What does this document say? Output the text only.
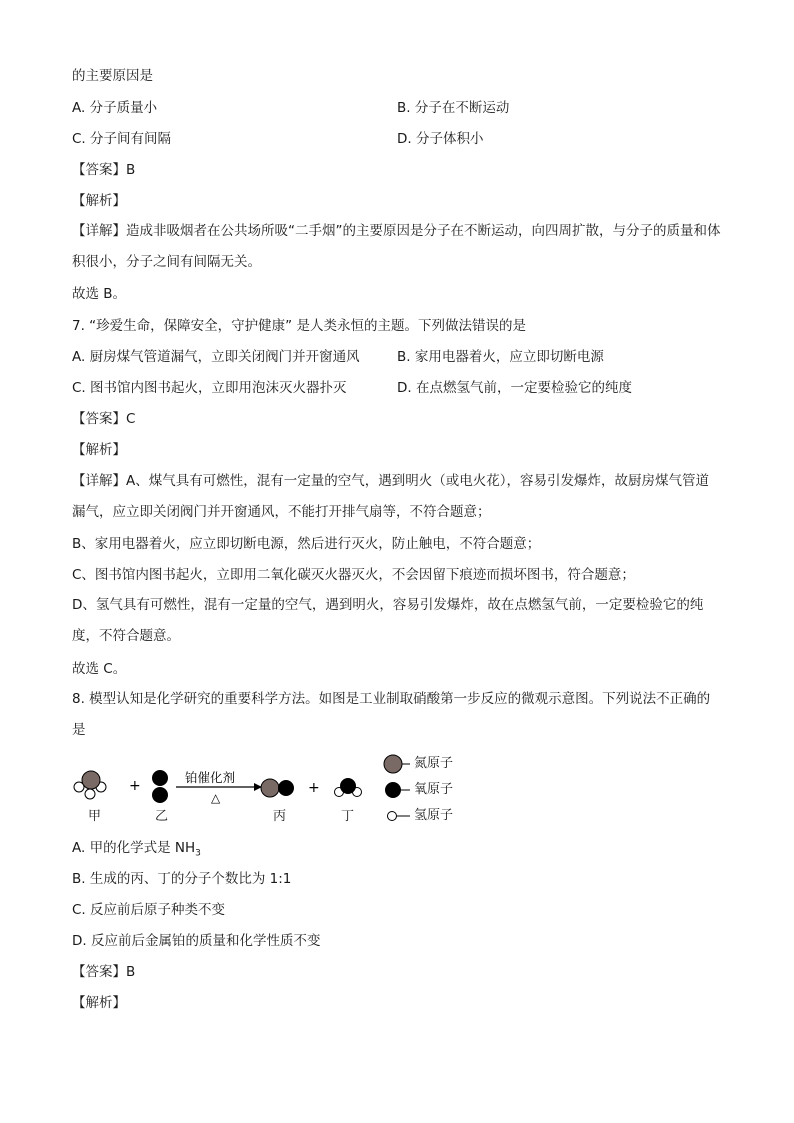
的主要原因是
A. 分子质量小	B. 分子在不断运动
C. 分子间有间隔	D. 分子体积小
【答案】B
【解析】
【详解】造成非吸烟者在公共场所吸“二手烟”的主要原因是分子在不断运动，向四周扩散，与分子的质量和体积很小，分子之间有间隔无关。
故选 B。
7. “珍爱生命，保障安全，守护健康” 是人类永恒的主题。下列做法错误的是
A. 厨房煤气管道漏气，立即关闭阀门并开窗通风	B. 家用电器着火，应立即切断电源
C. 图书馆内图书起火，立即用泡沫灭火器扑灭	D. 在点燃氢气前，一定要检验它的纯度
【答案】C
【解析】
【详解】A、煤气具有可燃性，混有一定量的空气，遇到明火（或电火花），容易引发爆炸，故厨房煤气管道漏气，应立即关闭阀门并开窗通风，不能打开排气扇等，不符合题意；
B、家用电器着火，应立即切断电源，然后进行灭火，防止触电，不符合题意；
C、图书馆内图书起火，立即用二氧化碳灭火器灭火，不会因留下痕迹而损坏图书，符合题意；
D、氢气具有可燃性，混有一定量的空气，遇到明火，容易引发爆炸，故在点燃氢气前，一定要检验它的纯度，不符合题意。
故选 C。
8. 模型认知是化学研究的重要科学方法。如图是工业制取硝酸第一步反应的微观示意图。下列说法不正确的是
+
铂催化剂
△
+
氮原子
氧原子
氢原子
甲	乙	丙	丁
A. 甲的化学式是 $NH_3$
B. 生成的丙、丁的分子个数比为 1:1
C. 反应前后原子种类不变
D. 反应前后金属铂的质量和化学性质不变
【答案】B
【解析】
